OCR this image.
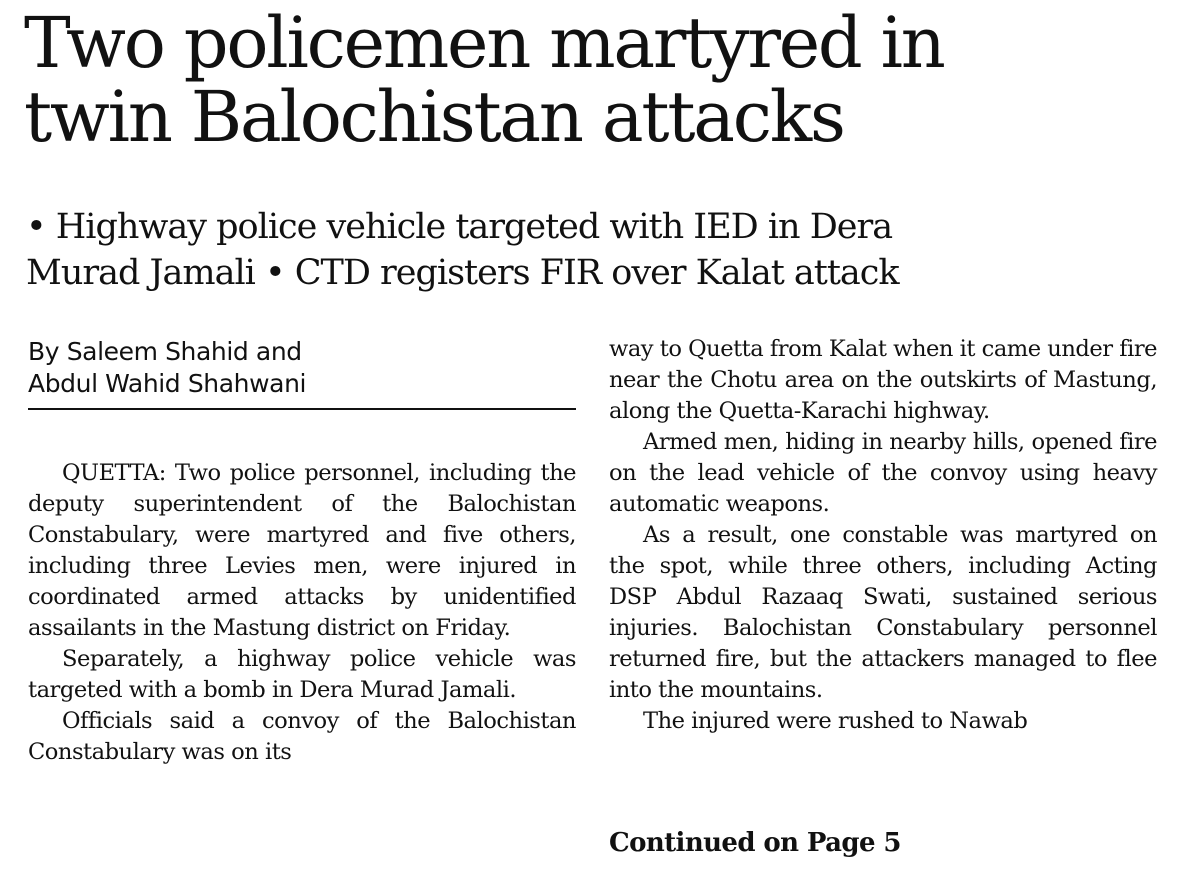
Two policemen martyred in
twin Balochistan attacks
• Highway police vehicle targeted with IED in Dera
Murad Jamali • CTD registers FIR over Kalat attack
By Saleem Shahid and
Abdul Wahid Shahwani

QUETTA: Two police personnel, including the deputy superintendent of the Balochistan Constabulary, were martyred and five others, including three Levies men, were injured in coordinated armed attacks by unidentified assailants in the Mastung district on Friday.

Separately, a highway police vehicle was targeted with a bomb in Dera Murad Jamali.

Officials said a convoy of the Balochistan Constabulary was on its

way to Quetta from Kalat when it came under fire near the Chotu area on the outskirts of Mastung, along the Quetta-Karachi highway.

Armed men, hiding in nearby hills, opened fire on the lead vehicle of the convoy using heavy automatic weapons.

As a result, one constable was martyred on the spot, while three others, including Acting DSP Abdul Razaaq Swati, sustained serious injuries. Balochistan Constabulary personnel returned fire, but the attackers managed to flee into the mountains.

The injured were rushed to Nawab

Continued on Page 5
